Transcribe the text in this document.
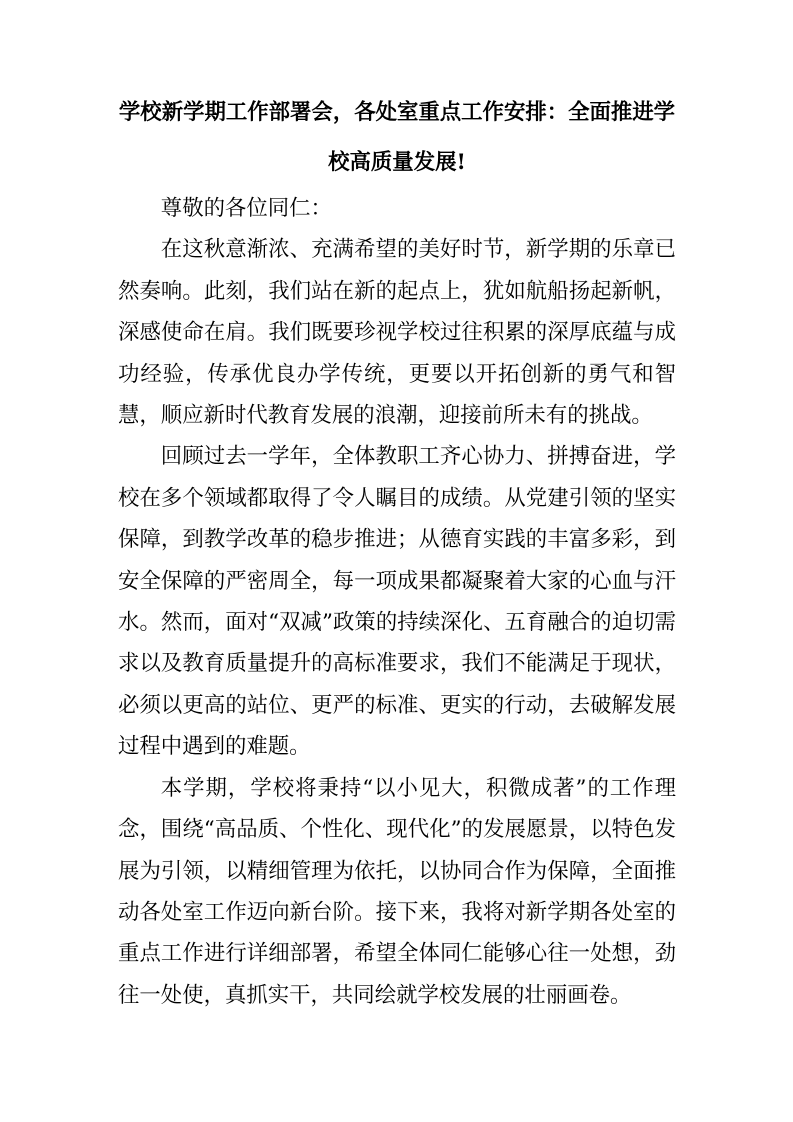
学校新学期工作部署会，各处室重点工作安排：全面推进学校高质量发展!

尊敬的各位同仁：

在这秋意渐浓、充满希望的美好时节，新学期的乐章已然奏响。此刻，我们站在新的起点上，犹如航船扬起新帆，深感使命在肩。我们既要珍视学校过往积累的深厚底蕴与成功经验，传承优良办学传统，更要以开拓创新的勇气和智慧，顺应新时代教育发展的浪潮，迎接前所未有的挑战。

回顾过去一学年，全体教职工齐心协力、拼搏奋进，学校在多个领域都取得了令人瞩目的成绩。从党建引领的坚实保障，到教学改革的稳步推进；从德育实践的丰富多彩，到安全保障的严密周全，每一项成果都凝聚着大家的心血与汗水。然而，面对“双减”政策的持续深化、五育融合的迫切需求以及教育质量提升的高标准要求，我们不能满足于现状，必须以更高的站位、更严的标准、更实的行动，去破解发展过程中遇到的难题。

本学期，学校将秉持“以小见大，积微成著”的工作理念，围绕“高品质、个性化、现代化”的发展愿景，以特色发展为引领，以精细管理为依托，以协同合作为保障，全面推动各处室工作迈向新台阶。接下来，我将对新学期各处室的重点工作进行详细部署，希望全体同仁能够心往一处想，劲往一处使，真抓实干，共同绘就学校发展的壮丽画卷。
